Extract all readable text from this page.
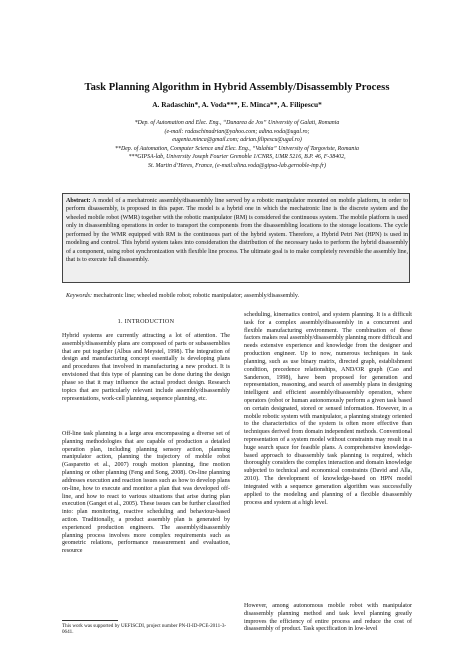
Task Planning Algorithm in Hybrid Assembly/Disassembly Process
A. Radaschin*, A. Voda***, E. Minca**, A. Filipescu*
*Dep. of Automation and Elec. Eng., “Dunarea de Jos” University of Galati, Romania
(e-mail: radaschinadrian@yahoo.com; adina.voda@ugal.ro;
eugenia.minca@gmail.com; adrian.filipescu@ugal.ro)
**Dep. of Automation, Computer Science and Elec. Eng., “Valahia” University of Targoviste, Romania
***GIPSA-lab, University Joseph Fourier Grenoble 1/CNRS, UMR 5216, B.P. 46, F-38402,
St. Martin d’Heres, France, (e-mail:alina.voda@gipsa-lab.gernoble-inp.fr)
Abstract: A model of a mechatronic assembly/disassembly line served by a robotic manipulator mounted on mobile platform, in order to perform disassembly, is proposed in this paper. The model is a hybrid one in which the mechatronic line is the discrete system and the wheeled mobile robot (WMR) together with the robotic manipulator (RM) is considered the continuous system. The mobile platform is used only in disassembling operations in order to transport the components from the disassembling locations to the storage locations. The cycle performed by the WMR equipped with RM is the continuous part of the hybrid system. Therefore, a Hybrid Petri Net (HPN) is used in modeling and control. This hybrid system takes into consideration the distribution of the necessary tasks to perform the hybrid disassembly of a component, using robot synchronization with flexible line process. The ultimate goal is to make completely reversible the assembly line, that is to execute full disassembly.
Keywords: mechatronic line; wheeled mobile robot; robotic manipulator; assembly/disassembly.
1. INTRODUCTION

Hybrid systems are currently attracting a lot of attention. The assembly/disassembly plans are composed of parts or subassemblies that are put together (Albus and Meystel, 1998). The integration of design and manufacturing concept essentially is developing plans and procedures that involved in manufacturing a new product. It is envisioned that this type of planning can be done during the design phase so that it may influence the actual product design. Research topics that are particularly relevant include assembly/disassembly representations, work-cell planning, sequence planning, etc.

Off-line task planning is a large area encompassing a diverse set of planning methodologies that are capable of production a detailed operation plan, including planning sensory action, planning manipulator action, planning the trajectory of mobile robot (Gasparetto et al., 2007) rough motion planning, fine motion planning or other planning (Feng and Song, 2008). On-line planning addresses execution and reaction issues such as how to develop plans on-line, how to execute and monitor a plan that was developed off-line, and how to react to various situations that arise during plan execution (Ganget et al., 2005). These issues can be further classified into: plan monitoring, reactive scheduling and behaviour-based action. Traditionally, a product assembly plan is generated by experienced production engineers. The assembly/disassembly planning process involves more complex requirements such as geometric relations, performance measurement and evaluation, resource

scheduling, kinematics control, and system planning. It is a difficult task for a complex assembly/disassembly in a concurrent and flexible manufacturing environment. The combination of these factors makes real assembly/disassembly planning more difficult and needs extensive experience and knowledge from the designer and production engineer. Up to now, numerous techniques in task planning, such as use binary matrix, directed graph, establishment condition, precedence relationships, AND/OR graph (Cao and Sanderson, 1998), have been proposed for generation and representation, reasoning, and search of assembly plans in designing intelligent and efficient assembly/disassembly operation, where operators (robot or human autonomously perform a given task based on certain designated, stored or sensed information. However, in a mobile robotic system with manipulator, a planning strategy oriented to the characteristics of the system is often more effective than techniques derived from domain independent methods. Conventional representation of a system model without constraints may result in a huge search space for feasible plans. A comprehensive knowledge-based approach to disassembly task planning is required, which thoroughly considers the complex interaction and domain knowledge subjected to technical and economical constraints (David and Alla, 2010). The development of knowledge-based on HPN model integrated with a sequence generation algorithm was successfully applied to the modeling and planning of a flexible disassembly process and system at a high level.

However, among autonomous mobile robot with manipulator disassembly planning method and task level planning greatly improves the efficiency of entire process and reduce the cost of disassembly of product. Task specification in low-level

This work was supported by UEFISCDI, project number PN-II-ID-PCE-2011-3-0641.
